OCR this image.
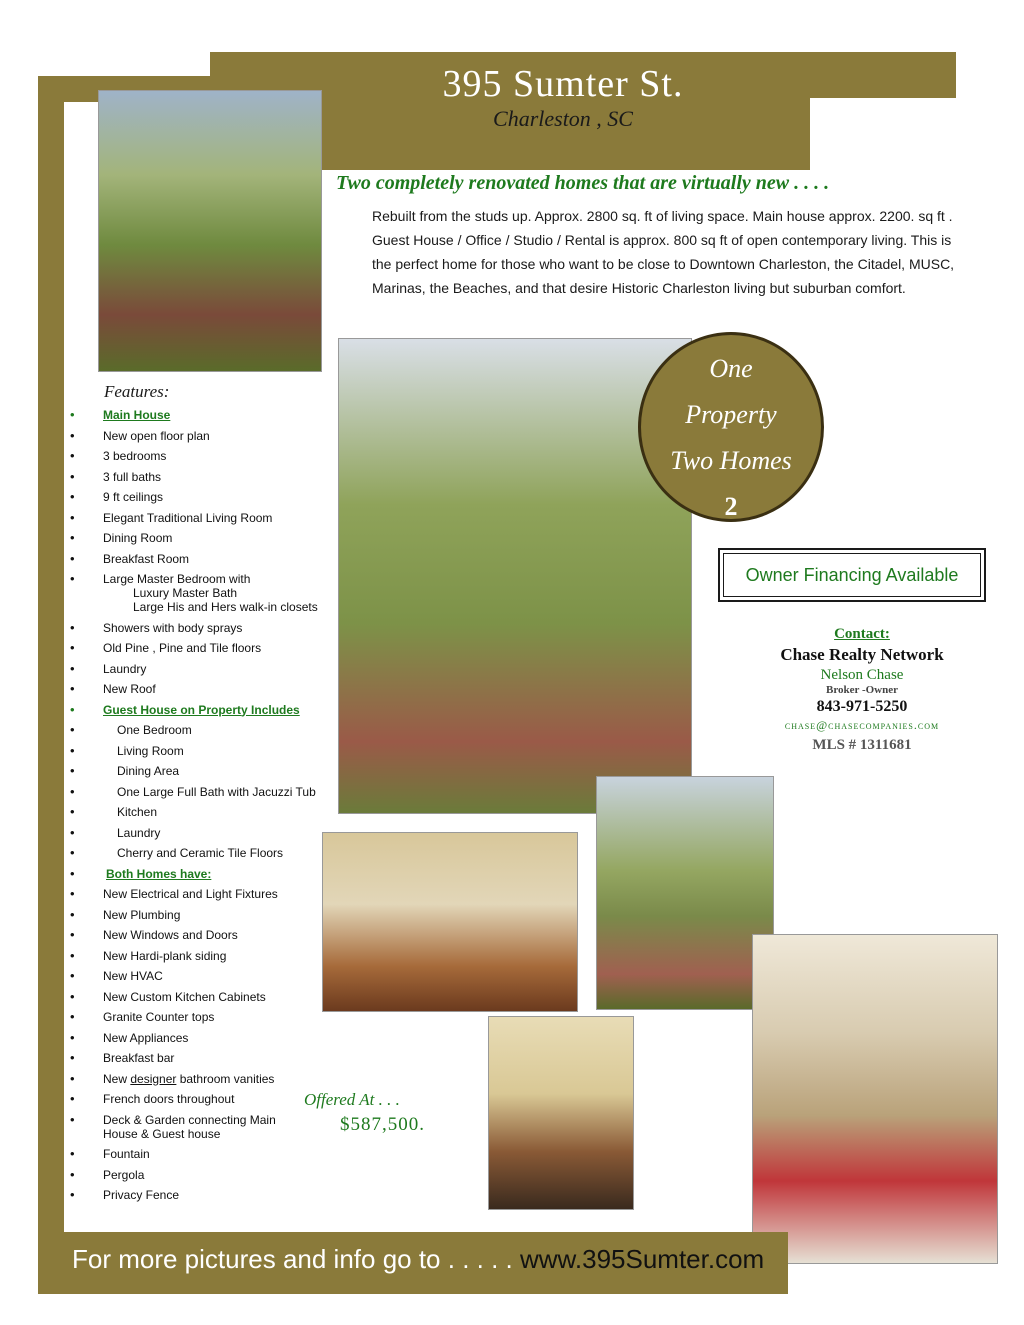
395 Sumter St.
Charleston , SC
Two completely renovated homes that are virtually new . . . .
Rebuilt from the studs up. Approx. 2800 sq. ft of living space. Main house approx. 2200. sq ft . Guest House / Office / Studio / Rental is approx. 800 sq ft of open contemporary living. This is the perfect home for those who want to be close to Downtown Charleston, the Citadel, MUSC, Marinas, the Beaches, and that desire Historic Charleston living but suburban comfort.
Features:
• Main House
• New open floor plan
• 3 bedrooms
• 3 full baths
• 9 ft ceilings
• Elegant Traditional Living Room
• Dining Room
• Breakfast Room
• Large Master Bedroom with
Luxury Master Bath
Large His and Hers walk-in closets
• Showers with body sprays
• Old Pine , Pine and Tile floors
• Laundry
• New Roof
• Guest House on Property Includes
• One Bedroom
• Living Room
• Dining Area
• One Large Full Bath with Jacuzzi Tub
• Kitchen
• Laundry
• Cherry and Ceramic Tile Floors
• Both Homes have:
• New Electrical and Light Fixtures
• New Plumbing
• New Windows and Doors
• New Hardi-plank siding
• New HVAC
• New Custom Kitchen Cabinets
• Granite Counter tops
• New Appliances
• Breakfast bar
• New designer bathroom vanities
• French doors throughout
• Deck & Garden connecting Main
House & Guest house
• Fountain
• Pergola
• Privacy Fence
One
Property
Two Homes
2
Owner Financing Available
Contact:
Chase Realty Network
Nelson Chase
Broker -Owner
843-971-5250
chase@chasecompanies.com
MLS # 1311681
Offered At . . .
$587,500.
For more pictures and info go to . . . . . www.395Sumter.com
